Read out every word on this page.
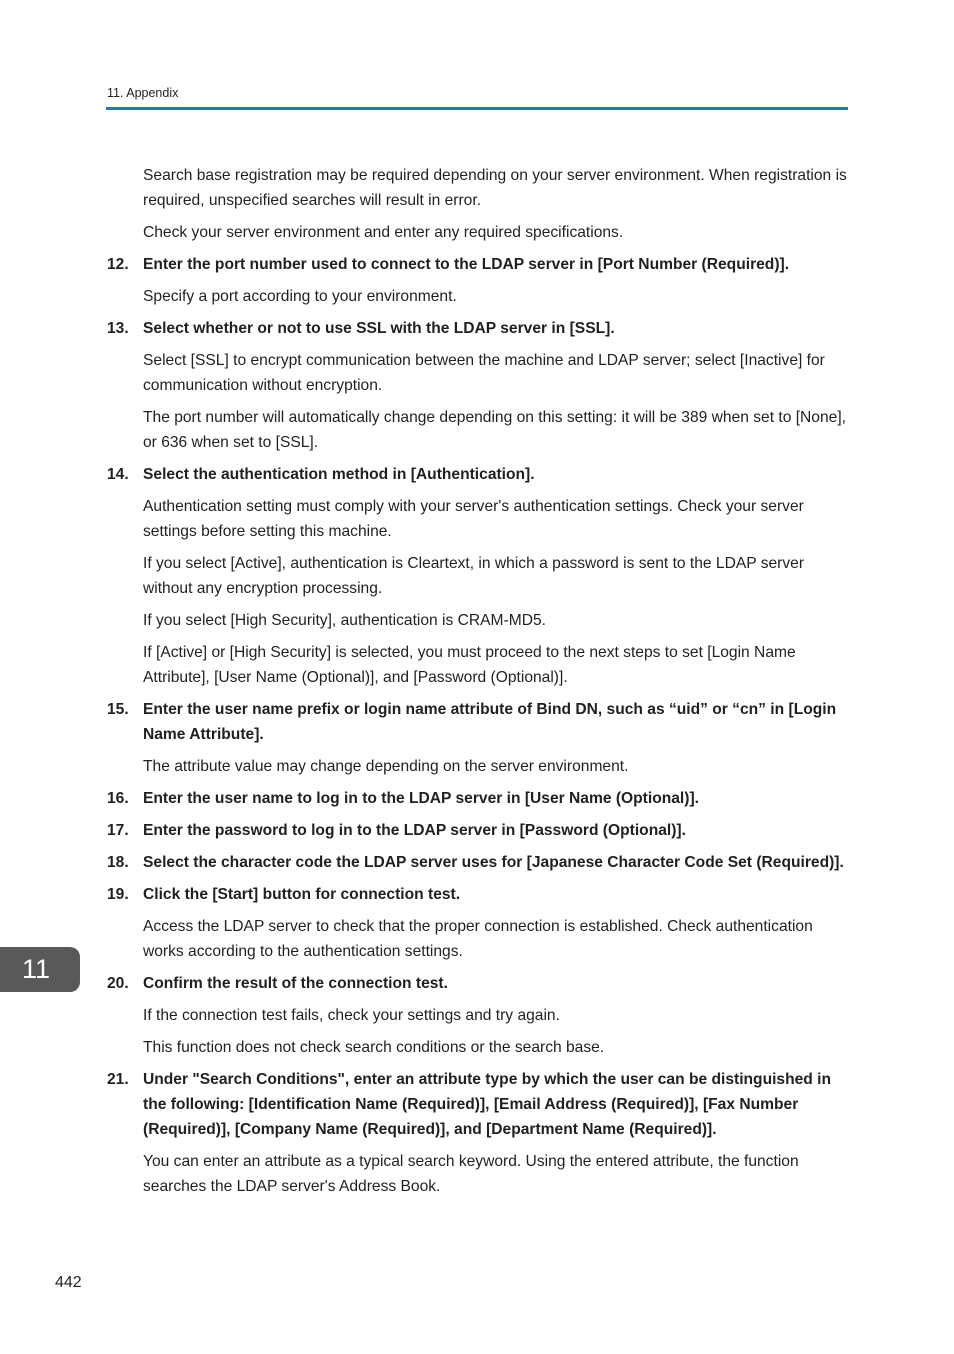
11. Appendix

Search base registration may be required depending on your server environment. When registration is required, unspecified searches will result in error.

Check your server environment and enter any required specifications.

12. Enter the port number used to connect to the LDAP server in [Port Number (Required)].

Specify a port according to your environment.

13. Select whether or not to use SSL with the LDAP server in [SSL].

Select [SSL] to encrypt communication between the machine and LDAP server; select [Inactive] for communication without encryption.

The port number will automatically change depending on this setting: it will be 389 when set to [None], or 636 when set to [SSL].

14. Select the authentication method in [Authentication].

Authentication setting must comply with your server's authentication settings. Check your server settings before setting this machine.

If you select [Active], authentication is Cleartext, in which a password is sent to the LDAP server without any encryption processing.

If you select [High Security], authentication is CRAM-MD5.

If [Active] or [High Security] is selected, you must proceed to the next steps to set [Login Name Attribute], [User Name (Optional)], and [Password (Optional)].

15. Enter the user name prefix or login name attribute of Bind DN, such as “uid” or “cn” in [Login Name Attribute].

The attribute value may change depending on the server environment.

16. Enter the user name to log in to the LDAP server in [User Name (Optional)].
17. Enter the password to log in to the LDAP server in [Password (Optional)].
18. Select the character code the LDAP server uses for [Japanese Character Code Set (Required)].
19. Click the [Start] button for connection test.

Access the LDAP server to check that the proper connection is established. Check authentication works according to the authentication settings.

20. Confirm the result of the connection test.

If the connection test fails, check your settings and try again.

This function does not check search conditions or the search base.

21. Under "Search Conditions", enter an attribute type by which the user can be distinguished in the following: [Identification Name (Required)], [Email Address (Required)], [Fax Number (Required)], [Company Name (Required)], and [Department Name (Required)].

You can enter an attribute as a typical search keyword. Using the entered attribute, the function searches the LDAP server's Address Book.

11
442
